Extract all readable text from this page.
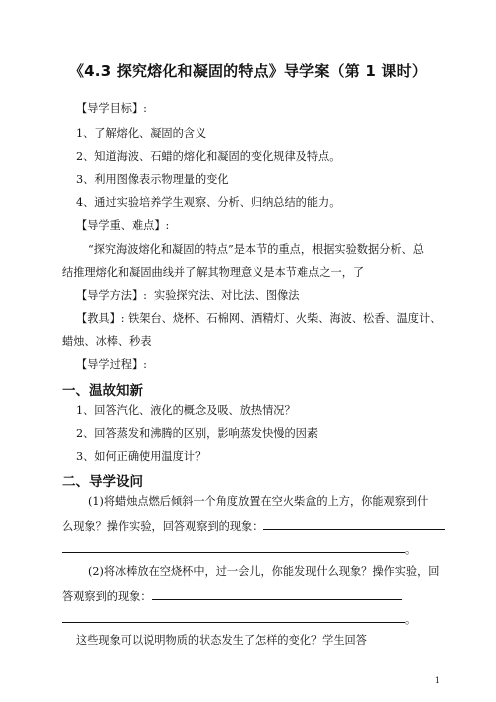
《4.3 探究熔化和凝固的特点》导学案（第 1 课时）
【导学目标】:
1、了解熔化、凝固的含义
2、知道海波、石蜡的熔化和凝固的变化规律及特点。
3、利用图像表示物理量的变化
4、通过实验培养学生观察、分析、归纳总结的能力。
【导学重、难点】:
“探究海波熔化和凝固的特点”是本节的重点，根据实验数据分析、总
结推理熔化和凝固曲线并了解其物理意义是本节难点之一，了
【导学方法】: 实验探究法、对比法、图像法
【教具】: 铁架台、烧杯、石棉网、酒精灯、火柴、海波、松香、温度计、
蜡烛、冰棒、秒表
【导学过程】:
一、温故知新
1、回答汽化、液化的概念及吸、放热情况？
2、回答蒸发和沸腾的区别，影响蒸发快慢的因素
3、如何正确使用温度计？
二、导学设问
(1)将蜡烛点燃后倾斜一个角度放置在空火柴盒的上方，你能观察到什
么现象？操作实验，回答观察到的现象：
。
(2)将冰棒放在空烧杯中，过一会儿，你能发现什么现象？操作实验，回
答观察到的现象：
。
这些现象可以说明物质的状态发生了怎样的变化？学生回答
1
